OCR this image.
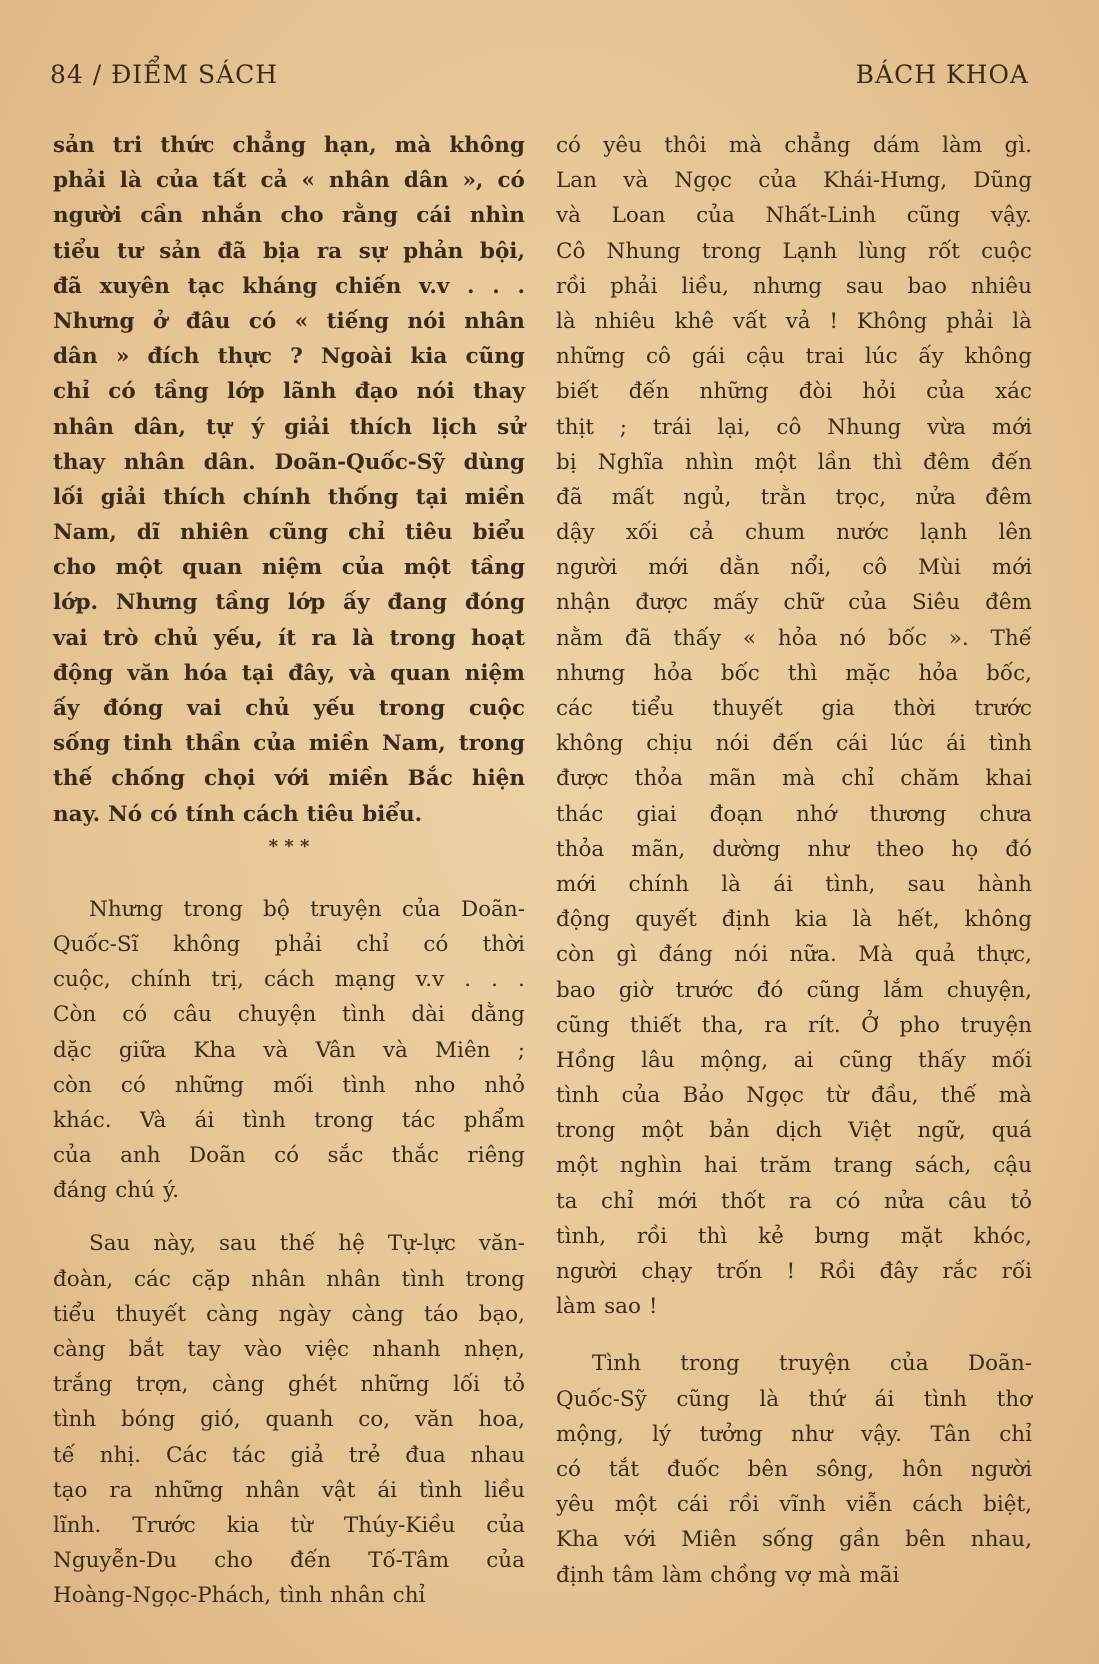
84 / ĐIỂM SÁCH	BÁCH KHOA
sản tri thức chẳng hạn, mà không
phải là của tất cả « nhân dân », có
người cần nhắn cho rằng cái nhìn
tiểu tư sản đã bịa ra sự phản bội,
đã xuyên tạc kháng chiến v.v . . .
Nhưng ở đâu có « tiếng nói nhân
dân » đích thực ? Ngoài kia cũng
chỉ có tầng lớp lãnh đạo nói thay
nhân dân, tự ý giải thích lịch sử
thay nhân dân. Doãn-Quốc-Sỹ dùng
lối giải thích chính thống tại miền
Nam, dĩ nhiên cũng chỉ tiêu biểu
cho một quan niệm của một tầng
lớp. Nhưng tầng lớp ấy đang đóng
vai trò chủ yếu, ít ra là trong hoạt
động văn hóa tại đây, và quan niệm
ấy đóng vai chủ yếu trong cuộc
sống tinh thần của miền Nam, trong
thế chống chọi với miền Bắc hiện
nay. Nó có tính cách tiêu biểu.
* * *
Nhưng trong bộ truyện của Doãn-
Quốc-Sĩ không phải chỉ có thời
cuộc, chính trị, cách mạng v.v . . .
Còn có câu chuyện tình dài dằng
dặc giữa Kha và Vân và Miên ;
còn có những mối tình nho nhỏ
khác. Và ái tình trong tác phẩm
của anh Doãn có sắc thắc riêng
đáng chú ý.
Sau này, sau thế hệ Tự-lực văn-
đoàn, các cặp nhân nhân tình trong
tiểu thuyết càng ngày càng táo bạo,
càng bắt tay vào việc nhanh nhẹn,
trắng trợn, càng ghét những lối tỏ
tình bóng gió, quanh co, văn hoa,
tế nhị. Các tác giả trẻ đua nhau
tạo ra những nhân vật ái tình liều
lĩnh. Trước kia từ Thúy-Kiều của
Nguyễn-Du cho đến Tố-Tâm của
Hoàng-Ngọc-Phách, tình nhân chỉ
có yêu thôi mà chẳng dám làm gì.
Lan và Ngọc của Khái-Hưng, Dũng
và Loan của Nhất-Linh cũng vậy.
Cô Nhung trong Lạnh lùng rốt cuộc
rồi phải liều, nhưng sau bao nhiêu
là nhiêu khê vất vả ! Không phải là
những cô gái cậu trai lúc ấy không
biết đến những đòi hỏi của xác
thịt ; trái lại, cô Nhung vừa mới
bị Nghĩa nhìn một lần thì đêm đến
đã mất ngủ, trằn trọc, nửa đêm
dậy xối cả chum nước lạnh lên
người mới dằn nổi, cô Mùi mới
nhận được mấy chữ của Siêu đêm
nằm đã thấy « hỏa nó bốc ». Thế
nhưng hỏa bốc thì mặc hỏa bốc,
các tiểu thuyết gia thời trước
không chịu nói đến cái lúc ái tình
được thỏa mãn mà chỉ chăm khai
thác giai đoạn nhớ thương chưa
thỏa mãn, dường như theo họ đó
mới chính là ái tình, sau hành
động quyết định kia là hết, không
còn gì đáng nói nữa. Mà quả thực,
bao giờ trước đó cũng lắm chuyện,
cũng thiết tha, ra rít. Ở pho truyện
Hồng lâu mộng, ai cũng thấy mối
tình của Bảo Ngọc từ đầu, thế mà
trong một bản dịch Việt ngữ, quá
một nghìn hai trăm trang sách, cậu
ta chỉ mới thốt ra có nửa câu tỏ
tình, rồi thì kẻ bưng mặt khóc,
người chạy trốn ! Rồi đây rắc rối
làm sao !
Tình trong truyện của Doãn-
Quốc-Sỹ cũng là thứ ái tình thơ
mộng, lý tưởng như vậy. Tân chỉ
có tắt đuốc bên sông, hôn người
yêu một cái rồi vĩnh viễn cách biệt,
Kha với Miên sống gần bên nhau,
định tâm làm chồng vợ mà mãi
